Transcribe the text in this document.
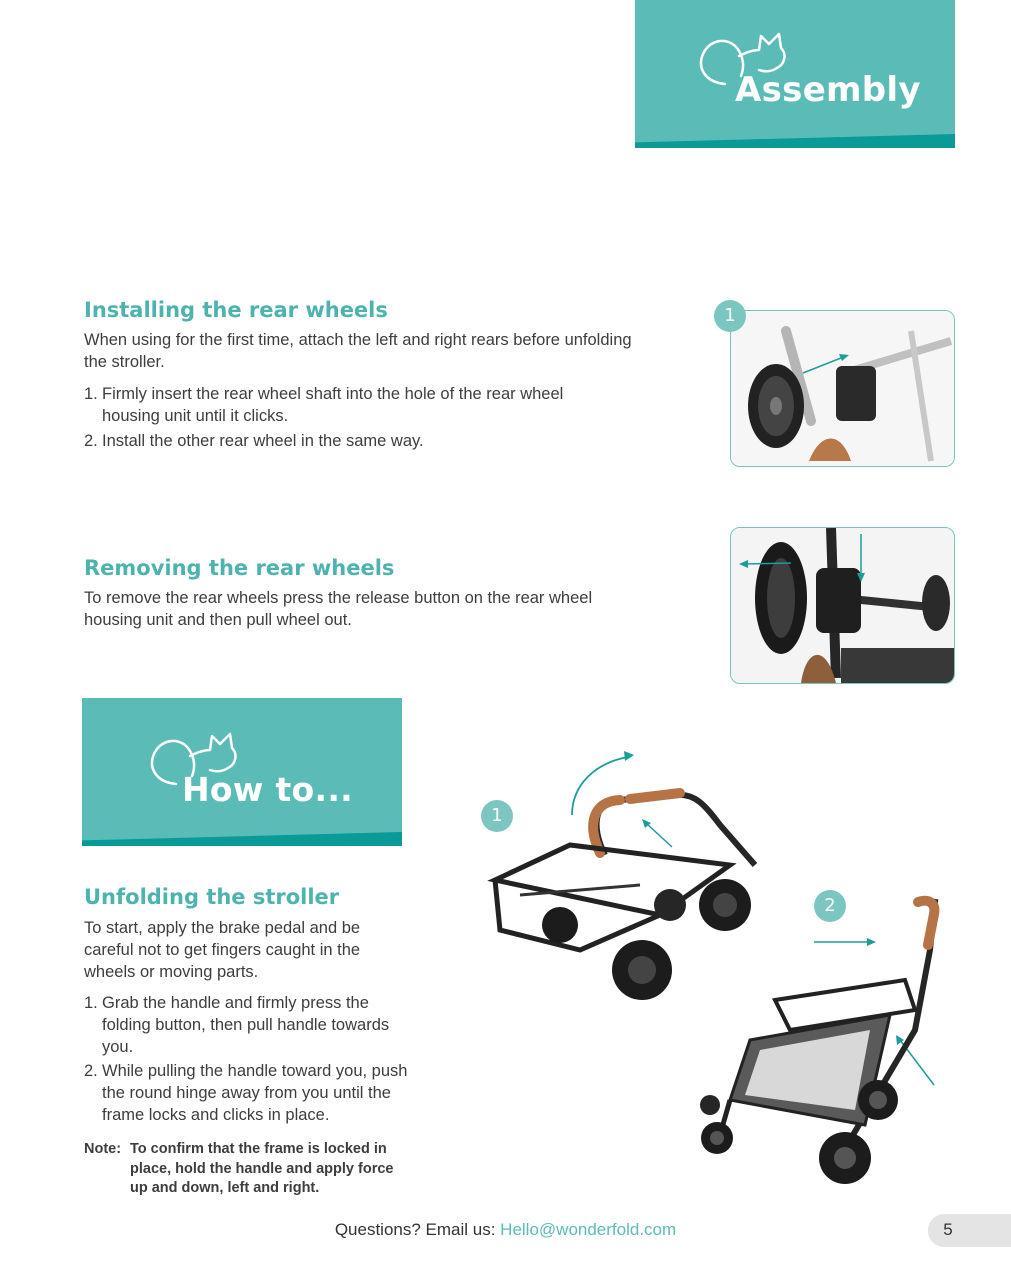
Assembly
Installing the rear wheels

When using for the first time, attach the left and right rears before unfolding the stroller.

1. Firmly insert the rear wheel shaft into the hole of the rear wheel housing unit until it clicks.
2. Install the other rear wheel in the same way.
1
Removing the rear wheels

To remove the rear wheels press the release button on the rear wheel housing unit and then pull wheel out.

How to...
Unfolding the stroller

To start, apply the brake pedal and be careful not to get fingers caught in the wheels or moving parts.

1. Grab the handle and firmly press the folding button, then pull handle towards you.
2. While pulling the handle toward you, push the round hinge away from you until the frame locks and clicks in place.
Note: To confirm that the frame is locked in place, hold the handle and apply force up and down, left and right.
1
2
Questions? Email us: Hello@wonderfold.com	5
